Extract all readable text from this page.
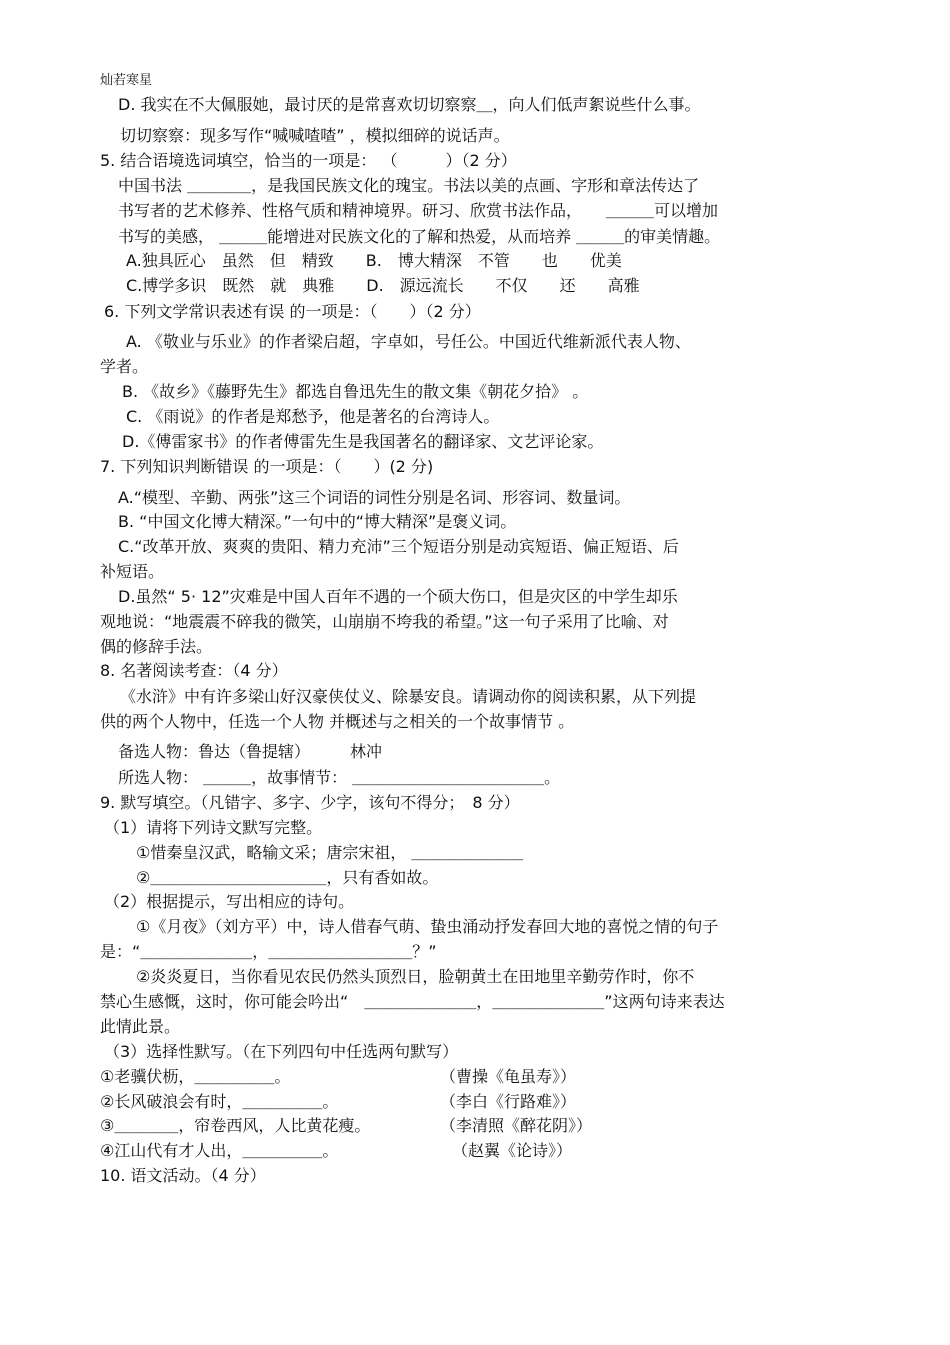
灿若寒星
D. 我实在不大佩服她，最讨厌的是常喜欢切切察察＿，向人们低声絮说些什么事。
切切察察：现多写作“喊喊喳喳” ，模拟细碎的说话声。
5. 结合语境选词填空，恰当的一项是： （　　　）（2 分）
中国书法 ＿＿＿＿，是我国民族文化的瑰宝。书法以美的点画、字形和章法传达了
书写者的艺术修养、性格气质和精神境界。研习、欣赏书法作品，　　＿＿＿可以增加
书写的美感， ＿＿＿能增进对民族文化的了解和热爱，从而培养 ＿＿＿的审美情趣。
A.独具匠心　虽然　但　精致　　B.　博大精深　不管　　也　　优美
C.博学多识　既然　就　典雅　　D.　源远流长　　不仅　　还　　高雅
6. 下列文学常识表述有误 的一项是：（　　）（2 分）
A. 《敬业与乐业》的作者梁启超，字卓如，号任公。中国近代维新派代表人物、
学者。
B. 《故乡》《藤野先生》都选自鲁迅先生的散文集《朝花夕拾》 。
C. 《雨说》的作者是郑愁予，他是著名的台湾诗人。
D.《傅雷家书》的作者傅雷先生是我国著名的翻译家、文艺评论家。
7. 下列知识判断错误 的一项是：（　　）(2 分)
A.“模型、辛勤、两张”这三个词语的词性分别是名词、形容词、数量词。
B. “中国文化博大精深。”一句中的“博大精深”是褒义词。
C.“改革开放、爽爽的贵阳、精力充沛”三个短语分别是动宾短语、偏正短语、后
补短语。
D.虽然“ 5· 12”灾难是中国人百年不遇的一个硕大伤口，但是灾区的中学生却乐
观地说：“地震震不碎我的微笑，山崩崩不垮我的希望。”这一句子采用了比喻、对
偶的修辞手法。
8. 名著阅读考查：（4 分）
《水浒》中有许多梁山好汉豪侠仗义、除暴安良。请调动你的阅读积累，从下列提
供的两个人物中，任选一个人物 并概述与之相关的一个故事情节 。
备选人物：鲁达（鲁提辖）　　　林冲
所选人物： ＿＿＿，故事情节： ＿＿＿＿＿＿＿＿＿＿＿＿。
9. 默写填空。（凡错字、多字、少字，该句不得分；　8 分）
（1）请将下列诗文默写完整。
①惜秦皇汉武，略输文采；唐宗宋祖， ＿＿＿＿＿＿＿
②＿＿＿＿＿＿＿＿＿＿＿，只有香如故。
（2）根据提示，写出相应的诗句。
①《月夜》（刘方平）中，诗人借春气萌、蛰虫涌动抒发春回大地的喜悦之情的句子
是：“＿＿＿＿＿＿＿，＿＿＿＿＿＿＿＿＿？”
②炎炎夏日，当你看见农民仍然头顶烈日，脸朝黄土在田地里辛勤劳作时，你不
禁心生感慨，这时，你可能会吟出“　＿＿＿＿＿＿＿，＿＿＿＿＿＿＿”这两句诗来表达
此情此景。
（3）选择性默写。（在下列四句中任选两句默写）
①老骥伏枥，＿＿＿＿＿。	（曹操《龟虽寿》）
②长风破浪会有时，＿＿＿＿＿。	（李白《行路难》）
③＿＿＿＿，帘卷西风，人比黄花瘦。	（李清照《醉花阴》）
④江山代有才人出，＿＿＿＿＿。	（赵翼《论诗》）
10. 语文活动。（4 分）
